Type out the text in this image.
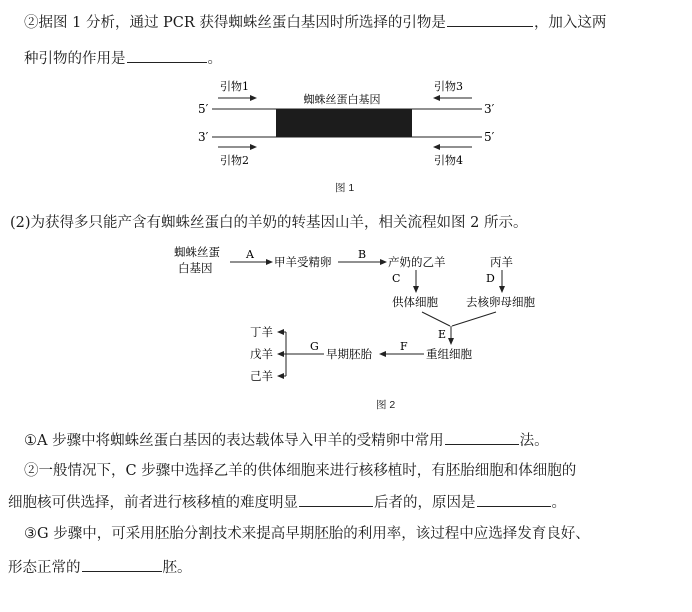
②据图 1 分析，通过 PCR 获得蜘蛛丝蛋白基因时所选择的引物是	，加入这两
种引物的作用是	。
蜘蛛丝蛋白基因
5′	3′
3′	5′
引物1	引物3
引物2	引物4
图 1
(2)为获得多只能产含有蜘蛛丝蛋白的羊奶的转基因山羊，相关流程如图 2 所示。
蜘蛛丝蛋
白基因
A
甲羊受精卵
B
产奶的乙羊
C
丙羊
D
供体细胞 去核卵母细胞
E
重组细胞
F
早期胚胎
G
丁羊
戊羊
己羊
图 2
①A 步骤中将蜘蛛丝蛋白基因的表达载体导入甲羊的受精卵中常用	法。
②一般情况下，C 步骤中选择乙羊的供体细胞来进行核移植时，有胚胎细胞和体细胞的
细胞核可供选择，前者进行核移植的难度明显	后者的，原因是	。
③G 步骤中，可采用胚胎分割技术来提高早期胚胎的利用率，该过程中应选择发育良好、
形态正常的	胚。
